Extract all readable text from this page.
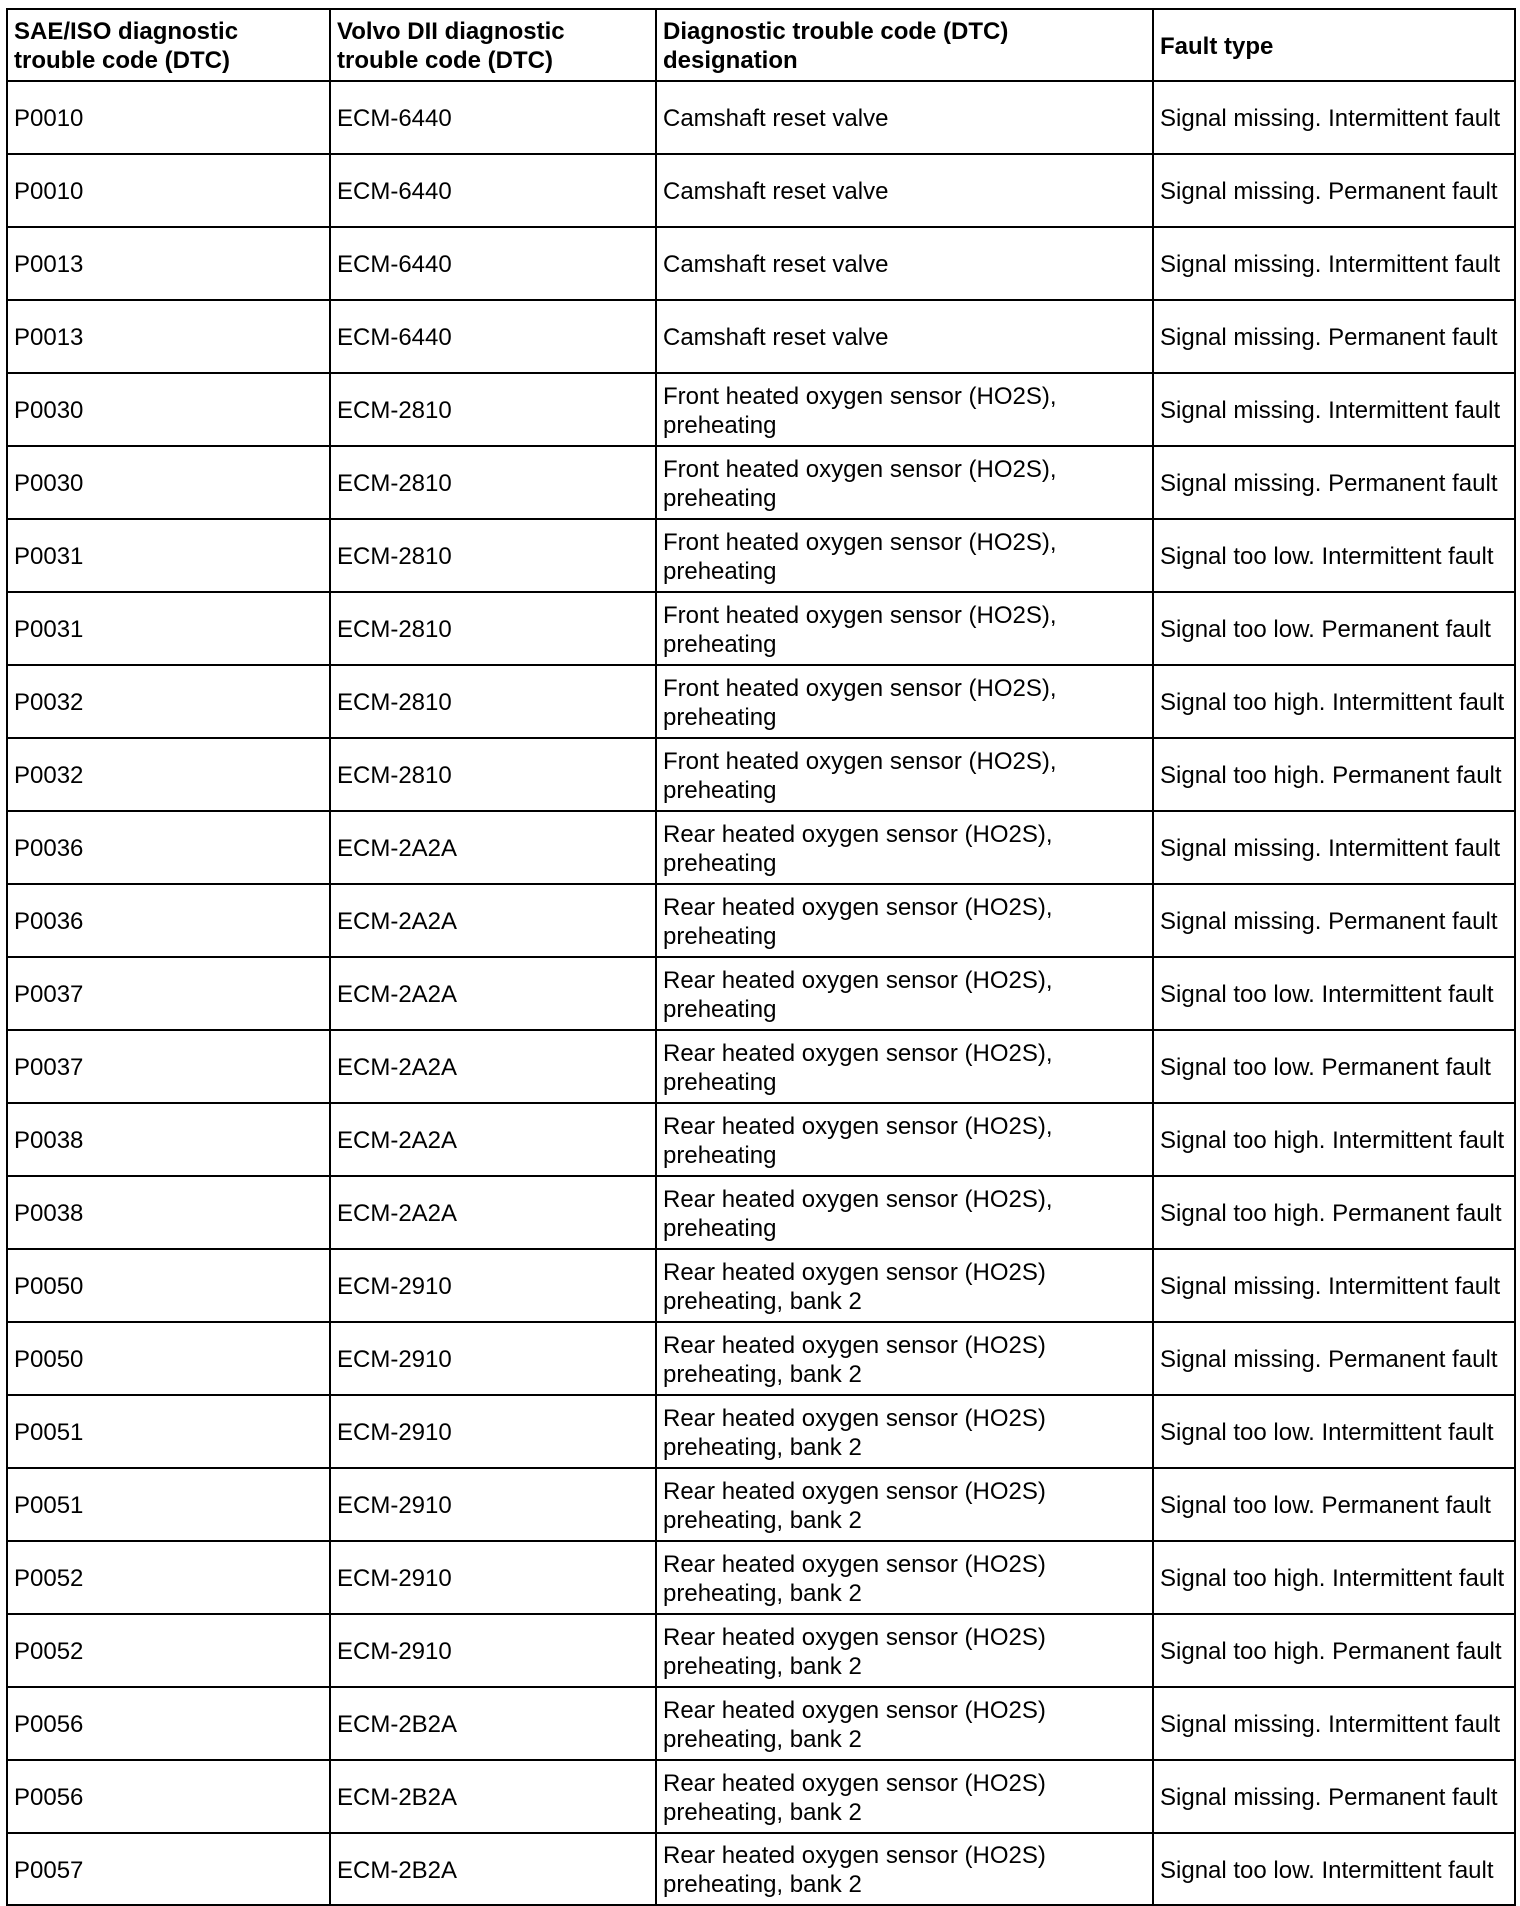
SAE/ISO diagnostic trouble code (DTC)	Volvo DII diagnostic trouble code (DTC)	Diagnostic trouble code (DTC) designation	Fault type
P0010	ECM-6440	Camshaft reset valve	Signal missing. Intermittent fault
P0010	ECM-6440	Camshaft reset valve	Signal missing. Permanent fault
P0013	ECM-6440	Camshaft reset valve	Signal missing. Intermittent fault
P0013	ECM-6440	Camshaft reset valve	Signal missing. Permanent fault
P0030	ECM-2810	Front heated oxygen sensor (HO2S), preheating	Signal missing. Intermittent fault
P0030	ECM-2810	Front heated oxygen sensor (HO2S), preheating	Signal missing. Permanent fault
P0031	ECM-2810	Front heated oxygen sensor (HO2S), preheating	Signal too low. Intermittent fault
P0031	ECM-2810	Front heated oxygen sensor (HO2S), preheating	Signal too low. Permanent fault
P0032	ECM-2810	Front heated oxygen sensor (HO2S), preheating	Signal too high. Intermittent fault
P0032	ECM-2810	Front heated oxygen sensor (HO2S), preheating	Signal too high. Permanent fault
P0036	ECM-2A2A	Rear heated oxygen sensor (HO2S), preheating	Signal missing. Intermittent fault
P0036	ECM-2A2A	Rear heated oxygen sensor (HO2S), preheating	Signal missing. Permanent fault
P0037	ECM-2A2A	Rear heated oxygen sensor (HO2S), preheating	Signal too low. Intermittent fault
P0037	ECM-2A2A	Rear heated oxygen sensor (HO2S), preheating	Signal too low. Permanent fault
P0038	ECM-2A2A	Rear heated oxygen sensor (HO2S), preheating	Signal too high. Intermittent fault
P0038	ECM-2A2A	Rear heated oxygen sensor (HO2S), preheating	Signal too high. Permanent fault
P0050	ECM-2910	Rear heated oxygen sensor (HO2S) preheating, bank 2	Signal missing. Intermittent fault
P0050	ECM-2910	Rear heated oxygen sensor (HO2S) preheating, bank 2	Signal missing. Permanent fault
P0051	ECM-2910	Rear heated oxygen sensor (HO2S) preheating, bank 2	Signal too low. Intermittent fault
P0051	ECM-2910	Rear heated oxygen sensor (HO2S) preheating, bank 2	Signal too low. Permanent fault
P0052	ECM-2910	Rear heated oxygen sensor (HO2S) preheating, bank 2	Signal too high. Intermittent fault
P0052	ECM-2910	Rear heated oxygen sensor (HO2S) preheating, bank 2	Signal too high. Permanent fault
P0056	ECM-2B2A	Rear heated oxygen sensor (HO2S) preheating, bank 2	Signal missing. Intermittent fault
P0056	ECM-2B2A	Rear heated oxygen sensor (HO2S) preheating, bank 2	Signal missing. Permanent fault
P0057	ECM-2B2A	Rear heated oxygen sensor (HO2S) preheating, bank 2	Signal too low. Intermittent fault
